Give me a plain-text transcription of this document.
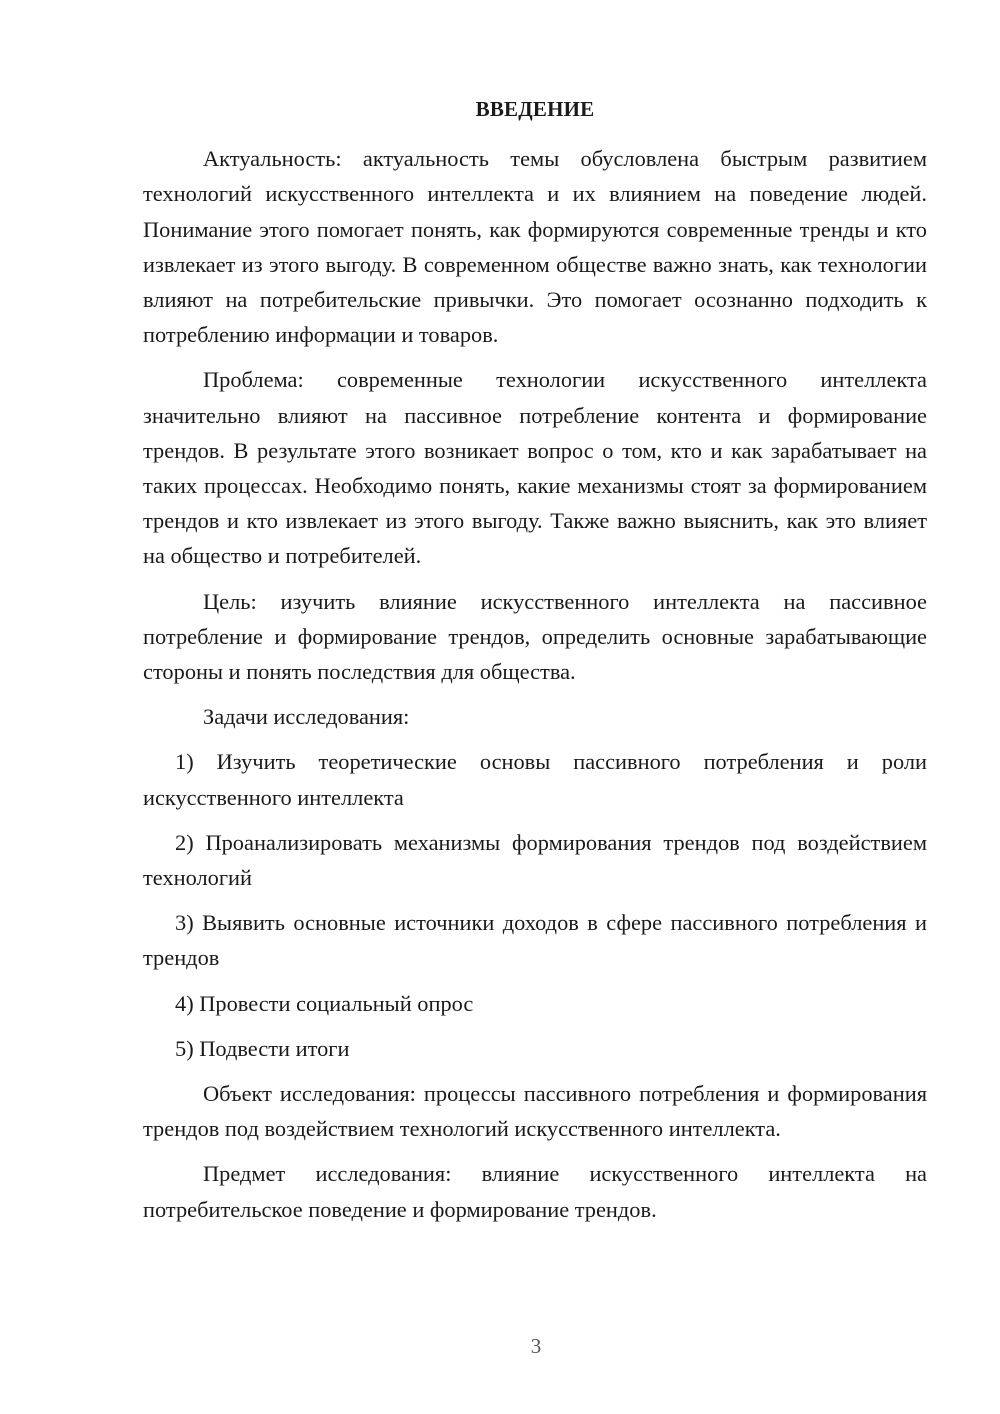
ВВЕДЕНИЕ

Актуальность: актуальность темы обусловлена быстрым развитием технологий искусственного интеллекта и их влиянием на поведение людей. Понимание этого помогает понять, как формируются современные тренды и кто извлекает из этого выгоду. В современном обществе важно знать, как технологии влияют на потребительские привычки. Это помогает осознанно подходить к потреблению информации и товаров.

Проблема: современные технологии искусственного интеллекта значительно влияют на пассивное потребление контента и формирование трендов. В результате этого возникает вопрос о том, кто и как зарабатывает на таких процессах. Необходимо понять, какие механизмы стоят за формированием трендов и кто извлекает из этого выгоду. Также важно выяснить, как это влияет на общество и потребителей.

Цель: изучить влияние искусственного интеллекта на пассивное потребление и формирование трендов, определить основные зарабатывающие стороны и понять последствия для общества.

Задачи исследования:

1) Изучить теоретические основы пассивного потребления и роли искусственного интеллекта

2) Проанализировать механизмы формирования трендов под воздействием технологий

3) Выявить основные источники доходов в сфере пассивного потребления и трендов

4) Провести социальный опрос

5) Подвести итоги

Объект исследования: процессы пассивного потребления и формирования трендов под воздействием технологий искусственного интеллекта.

Предмет исследования: влияние искусственного интеллекта на потребительское поведение и формирование трендов.

3
